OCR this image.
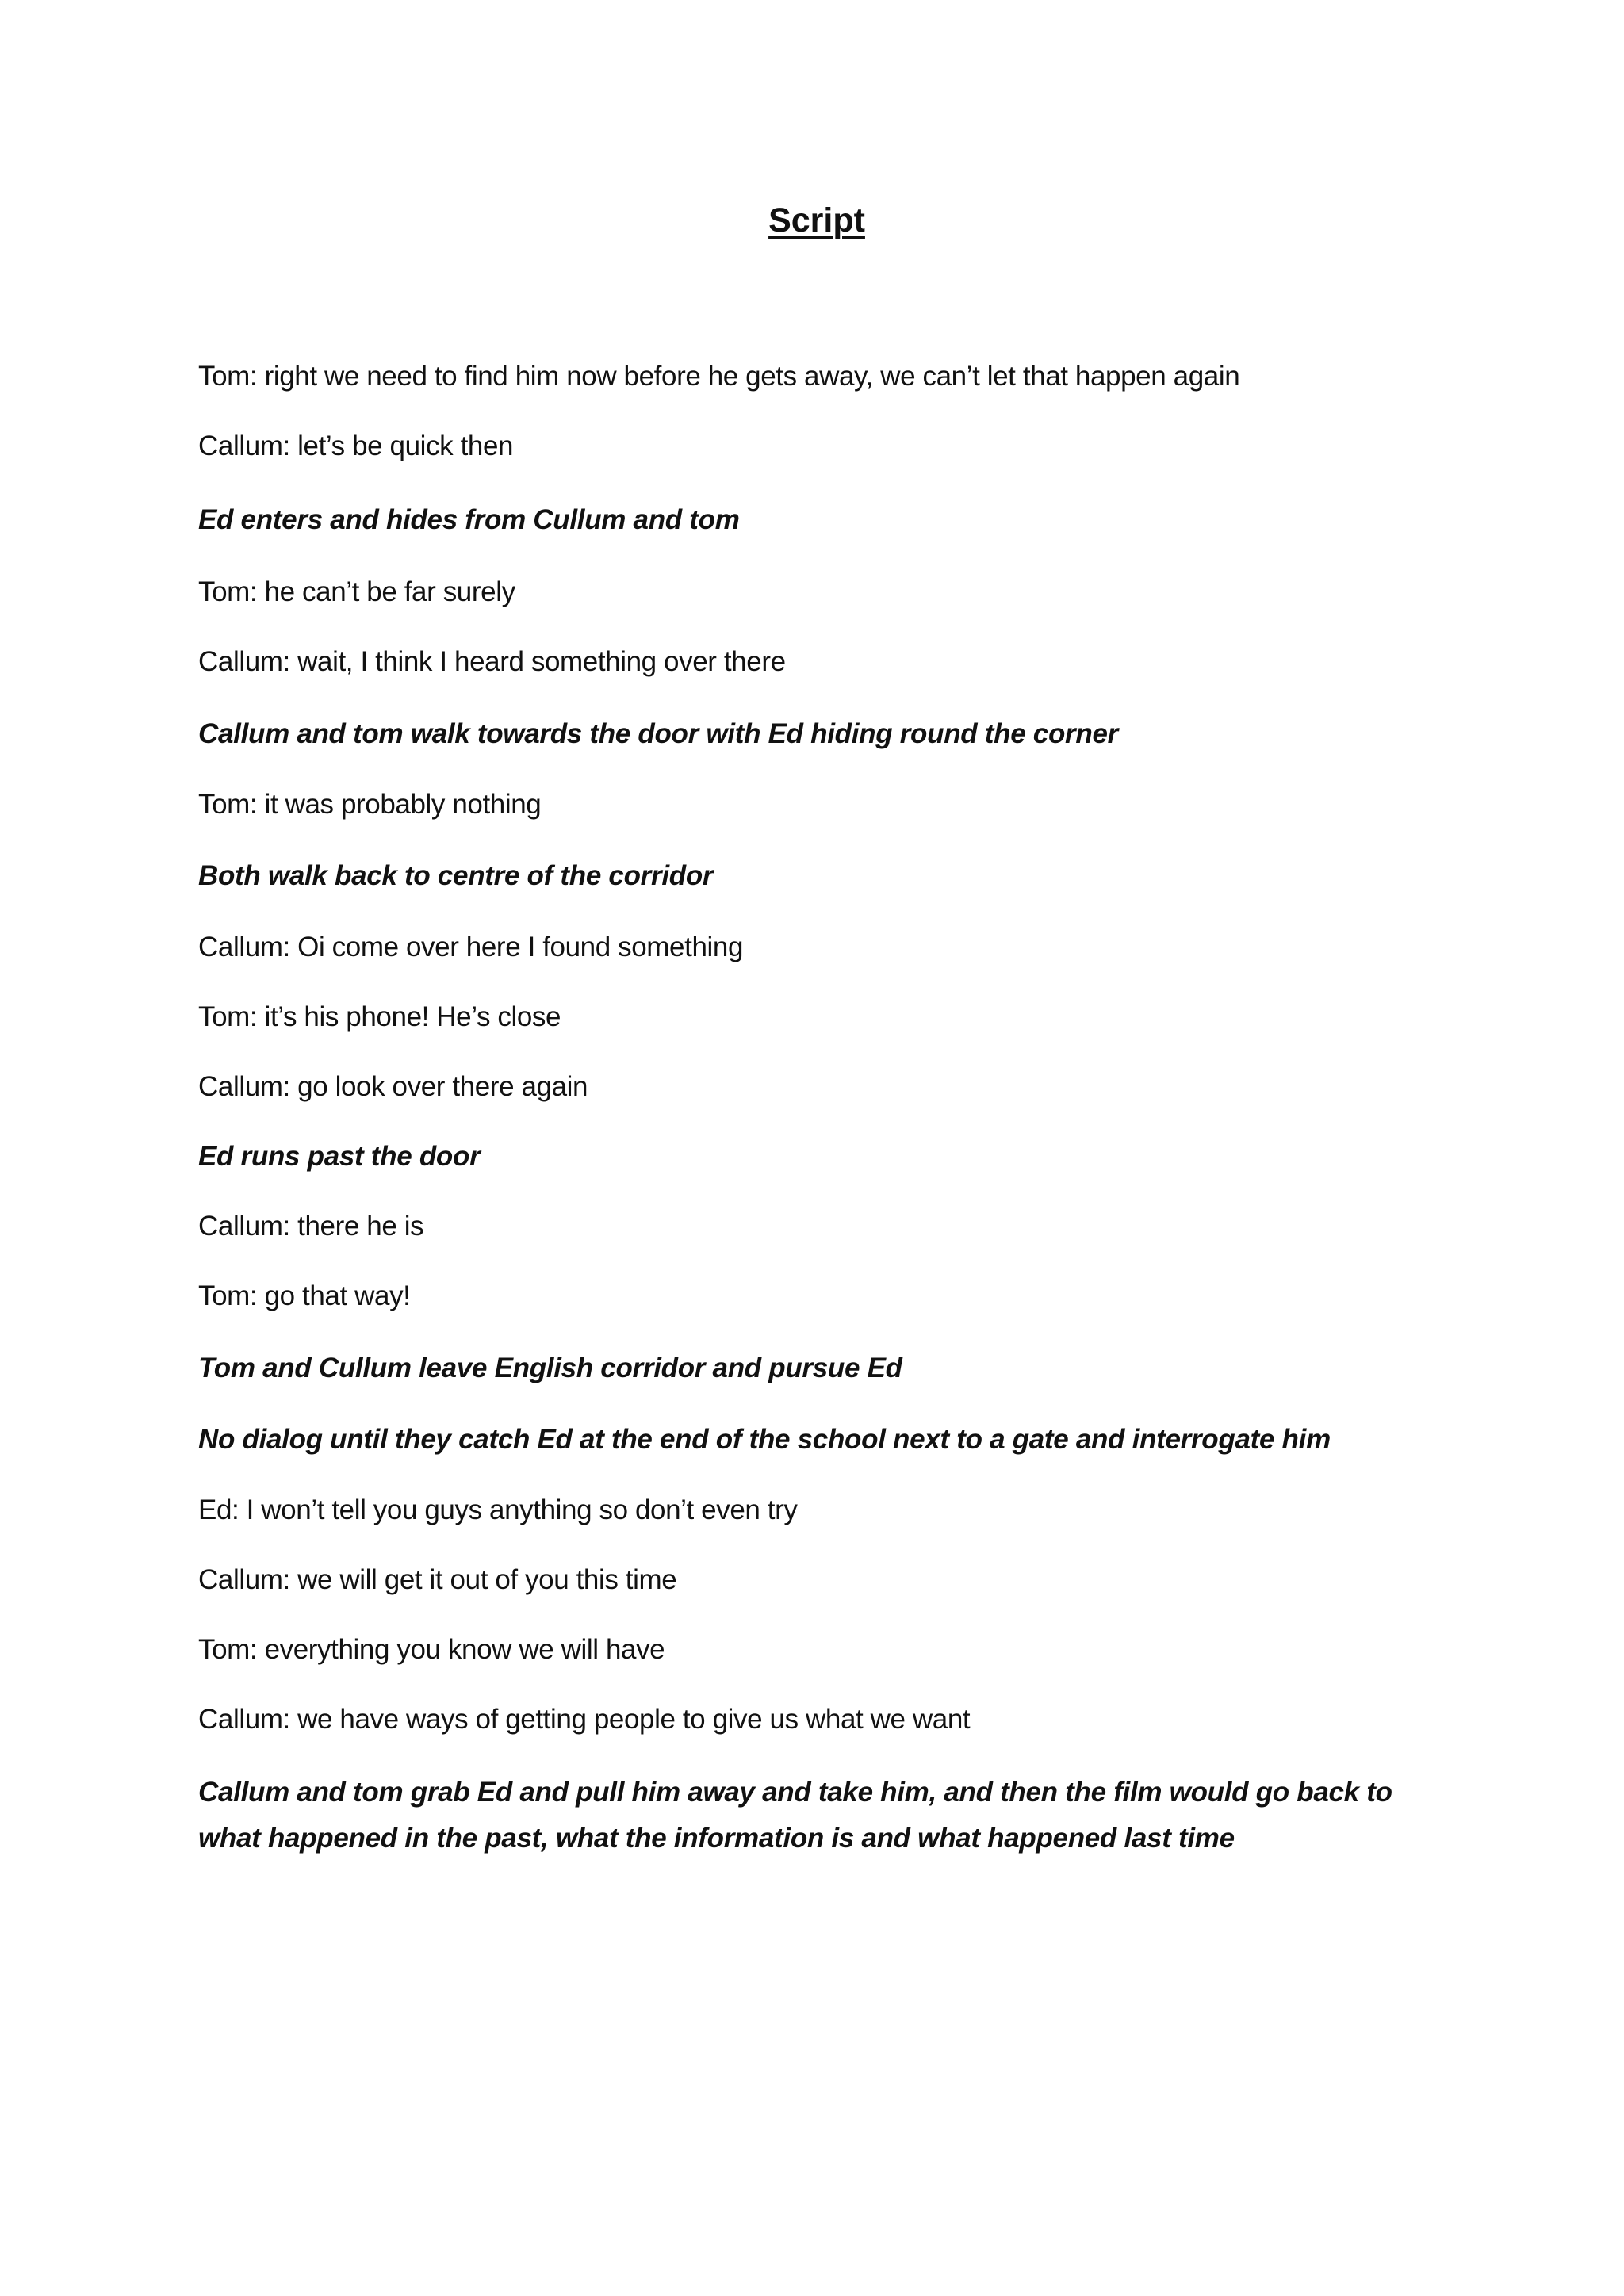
Script

Tom: right we need to find him now before he gets away, we can’t let that happen again

Callum: let’s be quick then

Ed enters and hides from Cullum and tom

Tom: he can’t be far surely

Callum: wait, I think I heard something over there

Callum and tom walk towards the door with Ed hiding round the corner

Tom: it was probably nothing

Both walk back to centre of the corridor

Callum: Oi come over here I found something

Tom: it’s his phone! He’s close

Callum: go look over there again

Ed runs past the door

Callum: there he is

Tom: go that way!

Tom and Cullum leave English corridor and pursue Ed

No dialog until they catch Ed at the end of the school next to a gate and interrogate him

Ed: I won’t tell you guys anything so don’t even try

Callum: we will get it out of you this time

Tom: everything you know we will have

Callum: we have ways of getting people to give us what we want

Callum and tom grab Ed and pull him away and take him, and then the film would go back to what happened in the past, what the information is and what happened last time
